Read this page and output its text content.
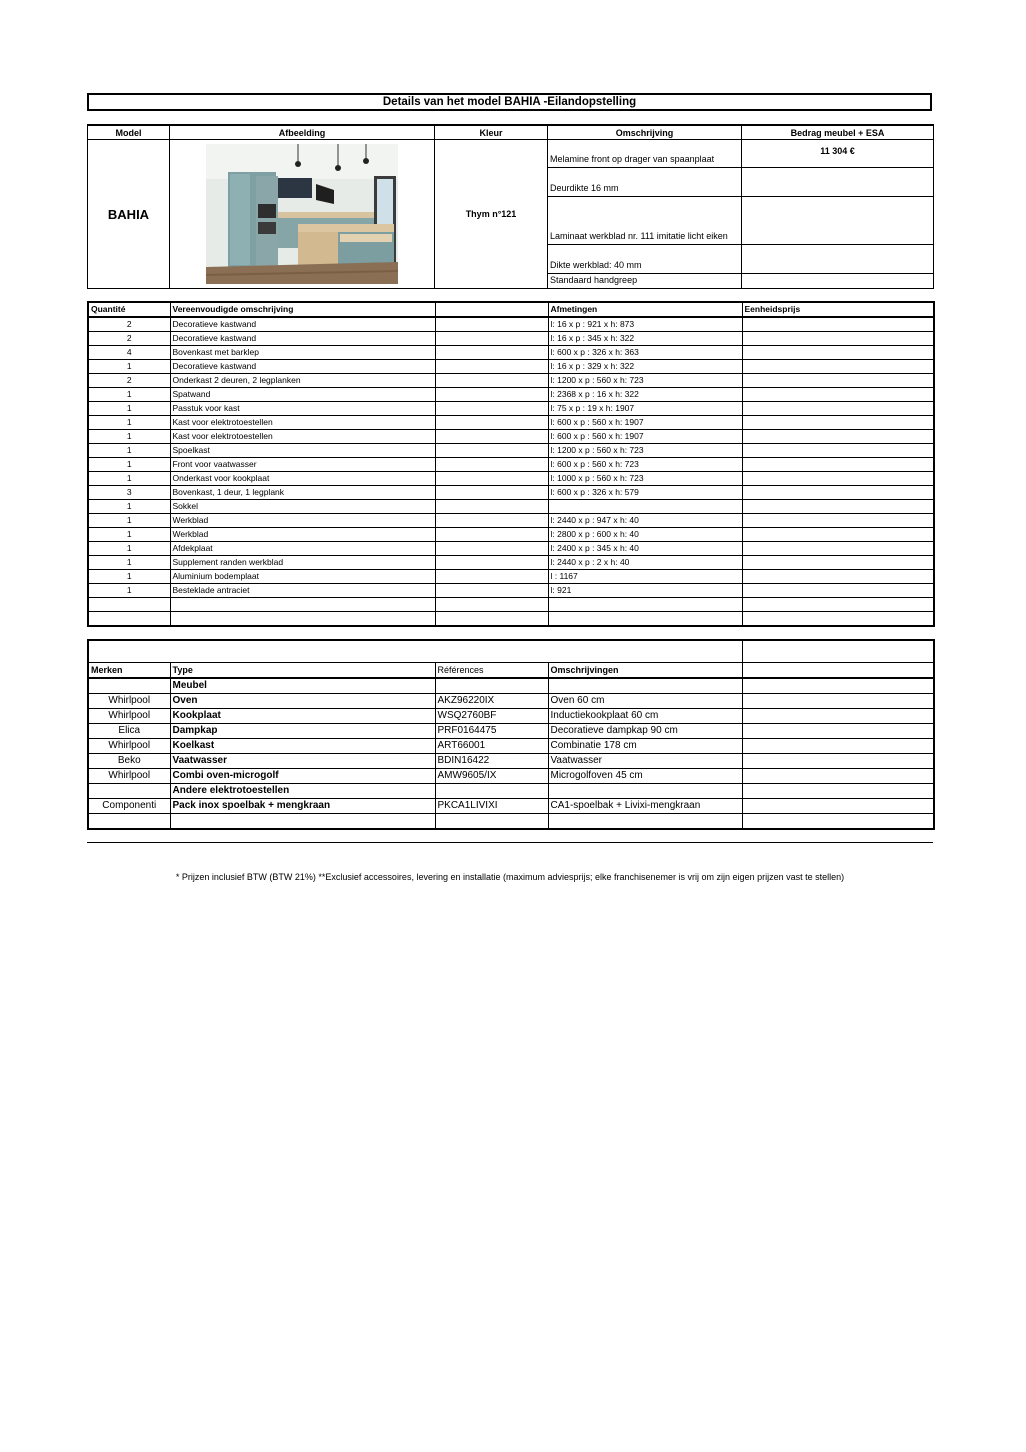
Details van het model BAHIA -Eilandopstelling
Model	Afbeelding	Kleur	Omschrijving	Bedrag meubel + ESA
BAHIA		Thym n°121	Melamine front op drager van spaanplaat	11 304 €
			Deurdikte 16 mm	
			Laminaat werkblad nr. 111 imitatie licht eiken	
			Dikte werkblad: 40 mm	
			Standaard handgreep	
Quantité	Vereenvoudigde omschrijving		Afmetingen	Eenheidsprijs
2	Decoratieve kastwand		l: 16 x p : 921 x h: 873	
2	Decoratieve kastwand		l: 16 x p : 345 x h: 322	
4	Bovenkast met barklep		l: 600 x p : 326 x h: 363	
1	Decoratieve kastwand		l: 16 x p : 329 x h: 322	
2	Onderkast 2 deuren, 2 legplanken		l: 1200 x p : 560 x h: 723	
1	Spatwand		l: 2368 x p : 16 x h: 322	
1	Passtuk voor kast		l: 75 x p : 19 x h: 1907	
1	Kast voor elektrotoestellen		l: 600 x p : 560 x h: 1907	
1	Kast voor elektrotoestellen		l: 600 x p : 560 x h: 1907	
1	Spoelkast		l: 1200 x p : 560 x h: 723	
1	Front voor vaatwasser		l: 600 x p : 560 x h: 723	
1	Onderkast voor kookplaat		l: 1000 x p : 560 x h: 723	
3	Bovenkast, 1 deur, 1 legplank		l: 600 x p : 326 x h: 579	
1	Sokkel			
1	Werkblad		l: 2440 x p : 947 x h: 40	
1	Werkblad		l: 2800 x p : 600 x h: 40	
1	Afdekplaat		l: 2400 x p : 345 x h: 40	
1	Supplement randen werkblad		l: 2440 x p : 2 x h: 40	
1	Aluminium bodemplaat		l : 1167	
1	Besteklade antraciet		l: 921	

Merken	Type	Références	Omschrijvingen	
	Meubel			
Whirlpool	Oven	AKZ96220IX	Oven 60 cm	
Whirlpool	Kookplaat	WSQ2760BF	Inductiekookplaat 60 cm	
Elica	Dampkap	PRF0164475	Decoratieve dampkap 90 cm	
Whirlpool	Koelkast	ART66001	Combinatie 178 cm	
Beko	Vaatwasser	BDIN16422	Vaatwasser	
Whirlpool	Combi oven-microgolf	AMW9605/IX	Microgolfoven 45 cm	
	Andere elektrotoestellen			
Componenti	Pack inox spoelbak + mengkraan	PKCA1LIVIXI	CA1-spoelbak + Livixi-mengkraan	

* Prijzen inclusief BTW (BTW 21%) **Exclusief accessoires, levering en installatie (maximum adviesprijs; elke franchisenemer is vrij om zijn eigen prijzen vast te stellen)
